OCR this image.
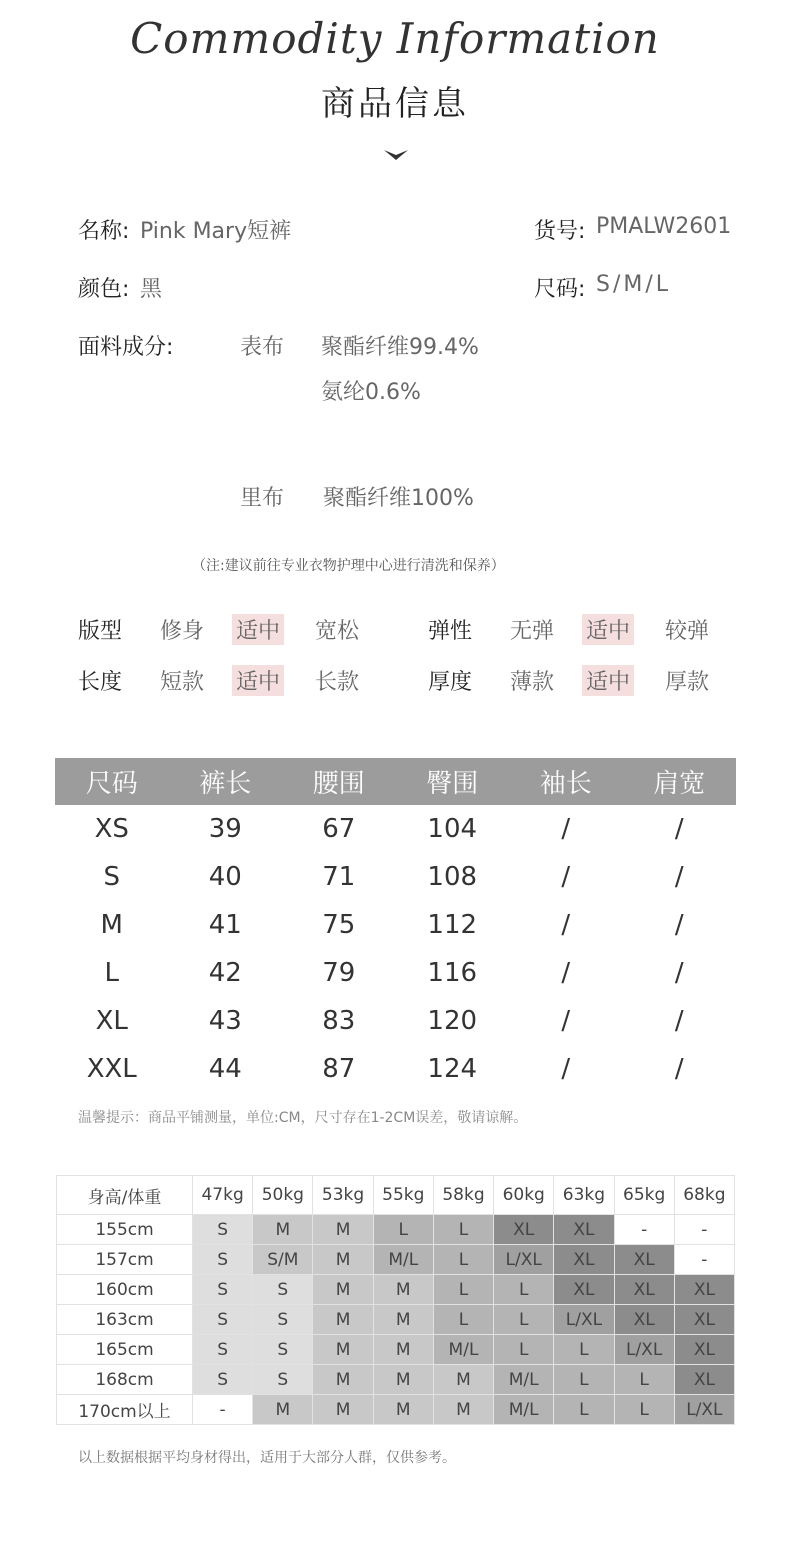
Commodity Information
商品信息
名称: Pink Mary短裤	货号: PMALW2601
颜色: 黑	尺码: S/M/L
面料成分:	表布 聚酯纤维99.4%
氨纶0.6%
里布 聚酯纤维100%
（注:建议前往专业衣物护理中心进行清洗和保养）
版型 修身 适中 宽松	弹性 无弹 适中 较弹
长度 短款 适中 长款	厚度 薄款 适中 厚款
尺码	裤长	腰围	臀围	袖长	肩宽
XS	39	67	104	/	/
S	40	71	108	/	/
M	41	75	112	/	/
L	42	79	116	/	/
XL	43	83	120	/	/
XXL	44	87	124	/	/
温馨提示：商品平铺测量，单位:CM，尺寸存在1-2CM误差，敬请谅解。
身高/体重	47kg	50kg	53kg	55kg	58kg	60kg	63kg	65kg	68kg
155cm	S	M	M	L	L	XL	XL	-	-
157cm	S	S/M	M	M/L	L	L/XL	XL	XL	-
160cm	S	S	M	M	L	L	XL	XL	XL
163cm	S	S	M	M	L	L	L/XL	XL	XL
165cm	S	S	M	M	M/L	L	L	L/XL	XL
168cm	S	S	M	M	M	M/L	L	L	XL
170cm以上	-	M	M	M	M	M/L	L	L	L/XL
以上数据根据平均身材得出，适用于大部分人群，仅供参考。
